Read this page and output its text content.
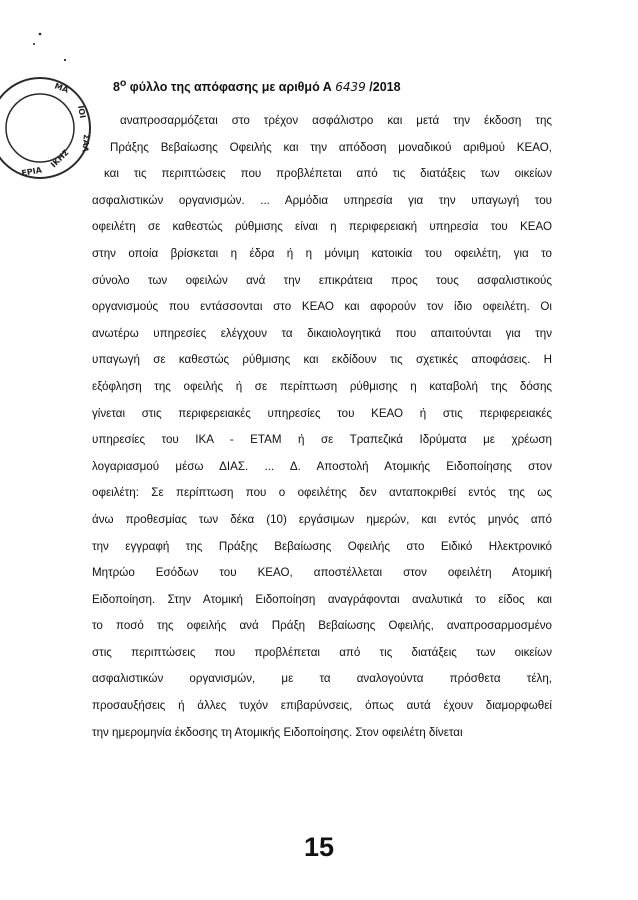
ΜΑ
ΙΟΙ
ΣΑΛ
ΙΚΗΣ
ΕΡΙΑ
$8^o$ φύλλο της απόφασης με αριθμό Α 6439 /2018
αναπροσαρμόζεται στο τρέχον ασφάλιστρο και μετά την έκδοση της
Πράξης Βεβαίωσης Οφειλής και την απόδοση μοναδικού αριθμού ΚΕΑΟ,
και τις περιπτώσεις που προβλέπεται από τις διατάξεις των οικείων
ασφαλιστικών οργανισμών. ... Αρμόδια υπηρεσία για την υπαγωγή του
οφειλέτη σε καθεστώς ρύθμισης είναι η περιφερειακή υπηρεσία του ΚΕΑΟ
στην οποία βρίσκεται η έδρα ή η μόνιμη κατοικία του οφειλέτη, για το
σύνολο των οφειλών ανά την επικράτεια προς τους ασφαλιστικούς
οργανισμούς που εντάσσονται στο ΚΕΑΟ και αφορούν τον ίδιο οφειλέτη. Οι
ανωτέρω υπηρεσίες ελέγχουν τα δικαιολογητικά που απαιτούνται για την
υπαγωγή σε καθεστώς ρύθμισης και εκδίδουν τις σχετικές αποφάσεις. Η
εξόφληση της οφειλής ή σε περίπτωση ρύθμισης η καταβολή της δόσης
γίνεται στις περιφερειακές υπηρεσίες του ΚΕΑΟ ή στις περιφερειακές
υπηρεσίες του ΙΚΑ - ΕΤΑΜ ή σε Τραπεζικά Ιδρύματα με χρέωση
λογαριασμού μέσω ΔΙΑΣ. ... Δ. Αποστολή Ατομικής Ειδοποίησης στον
οφειλέτη: Σε περίπτωση που ο οφειλέτης δεν ανταποκριθεί εντός της ως
άνω προθεσμίας των δέκα (10) εργάσιμων ημερών, και εντός μηνός από
την εγγραφή της Πράξης Βεβαίωσης Οφειλής στο Ειδικό Ηλεκτρονικό
Μητρώο Εσόδων του ΚΕΑΟ, αποστέλλεται στον οφειλέτη Ατομική
Ειδοποίηση. Στην Ατομική Ειδοποίηση αναγράφονται αναλυτικά το είδος και
το ποσό της οφειλής ανά Πράξη Βεβαίωσης Οφειλής, αναπροσαρμοσμένο
στις περιπτώσεις που προβλέπεται από τις διατάξεις των οικείων
ασφαλιστικών οργανισμών, με τα αναλογούντα πρόσθετα τέλη,
προσαυξήσεις ή άλλες τυχόν επιβαρύνσεις, όπως αυτά έχουν διαμορφωθεί
την ημερομηνία έκδοσης τη Ατομικής Ειδοποίησης. Στον οφειλέτη δίνεται
15
